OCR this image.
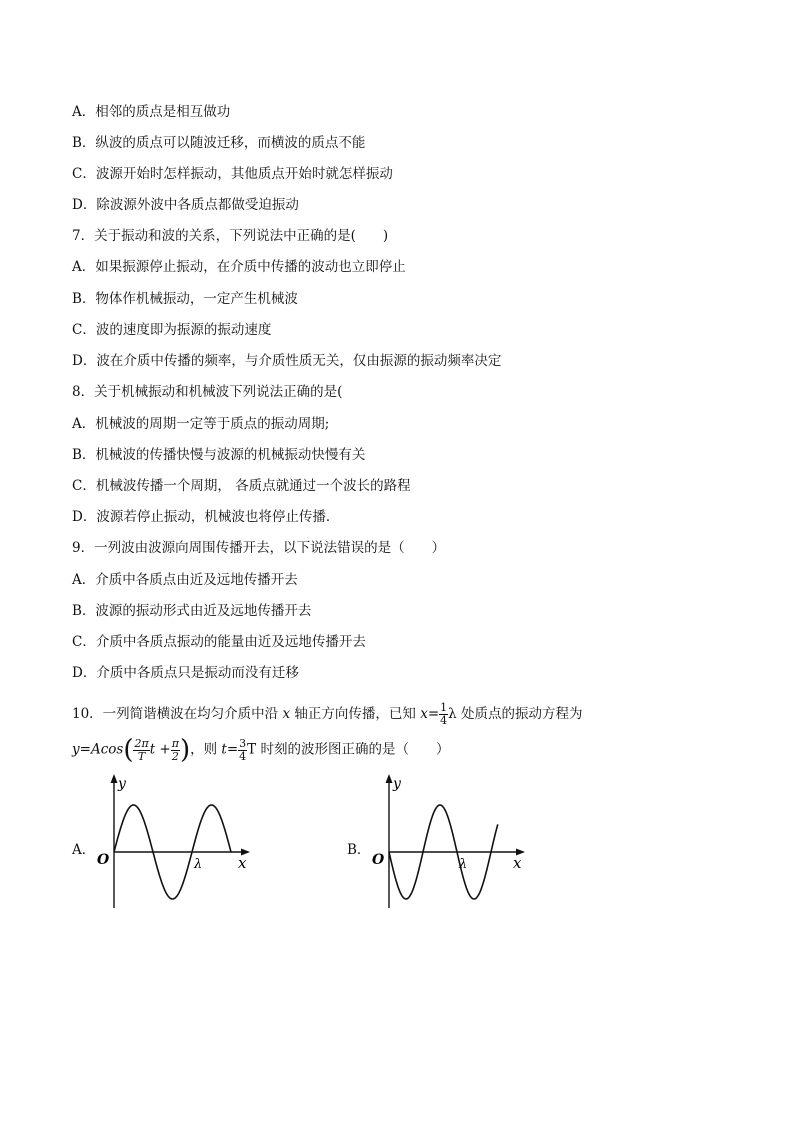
A．相邻的质点是相互做功
B．纵波的质点可以随波迁移，而横波的质点不能
C．波源开始时怎样振动，其他质点开始时就怎样振动
D．除波源外波中各质点都做受迫振动
7．关于振动和波的关系，下列说法中正确的是(　　)
A．如果振源停止振动，在介质中传播的波动也立即停止
B．物体作机械振动，一定产生机械波
C．波的速度即为振源的振动速度
D．波在介质中传播的频率，与介质性质无关，仅由振源的振动频率决定
8．关于机械振动和机械波下列说法正确的是(
A．机械波的周期一定等于质点的振动周期;
B．机械波的传播快慢与波源的机械振动快慢有关
C．机械波传播一个周期， 各质点就通过一个波长的路程
D．波源若停止振动，机械波也将停止传播．
9．一列波由波源向周围传播开去，以下说法错误的是（　　）
A．介质中各质点由近及远地传播开去
B．波源的振动形式由近及远地传播开去
C．介质中各质点振动的能量由近及远地传播开去
D．介质中各质点只是振动而没有迁移
10．一列简谐横波在均匀介质中沿 x 轴正方向传播，已知 $x= \frac{1}{4}$ λ 处质点的振动方程为
$y=Acos( \frac{2\pi}{T}$ $t + \frac{\pi}{2}$ )，则 $t= \frac{3}{4}$ T 时刻的波形图正确的是（　　）
A．
y
x
O	λ
B．
y
x
O	λ
